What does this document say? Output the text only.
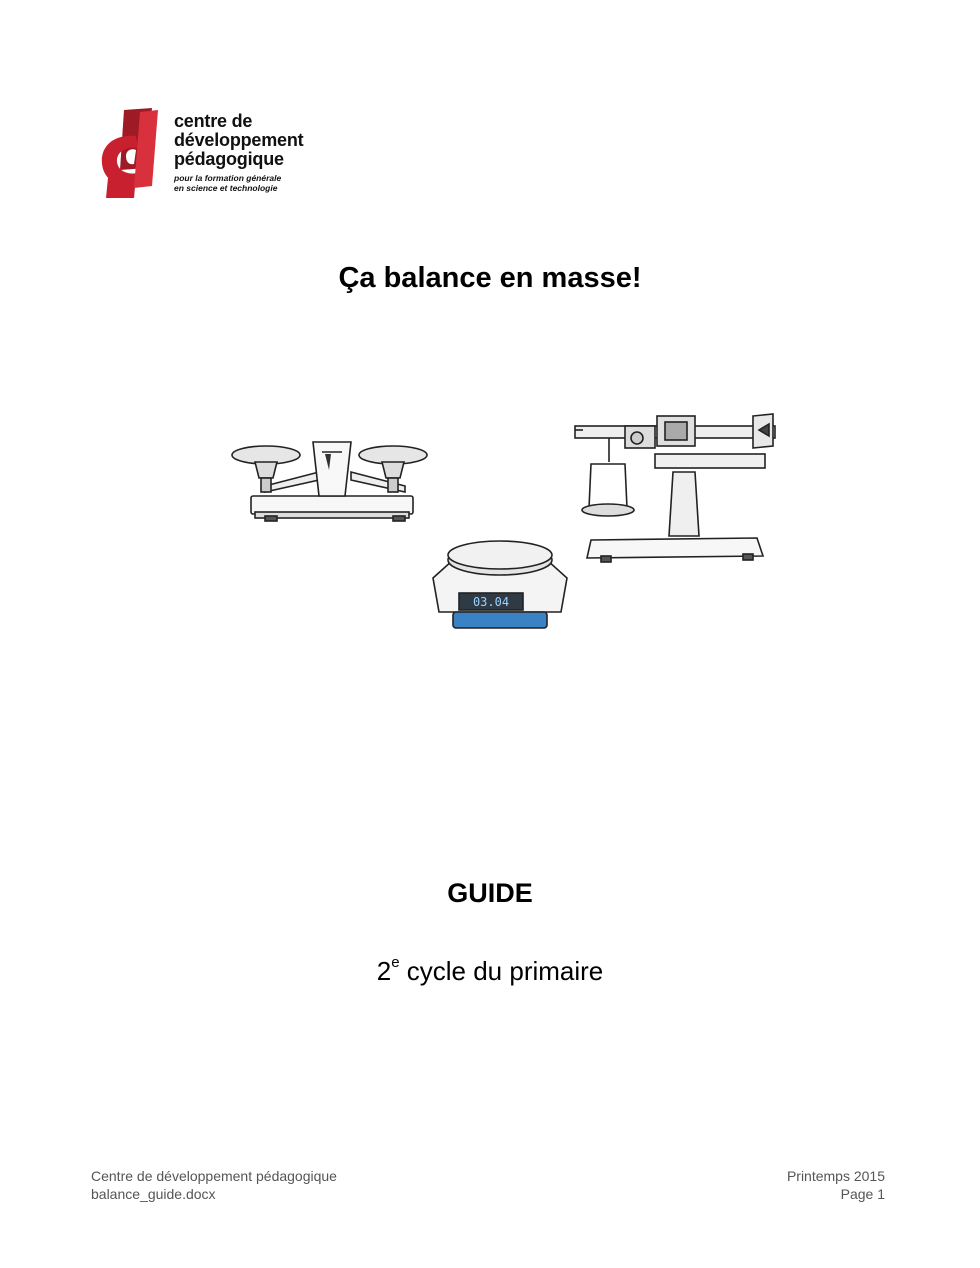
centre de
développement
pédagogique
pour la formation générale
en science et technologie
Ça balance en masse!
03.04
GUIDE
2e cycle du primaire
Centre de développement pédagogique
balance_guide.docx
Printemps 2015
Page 1
